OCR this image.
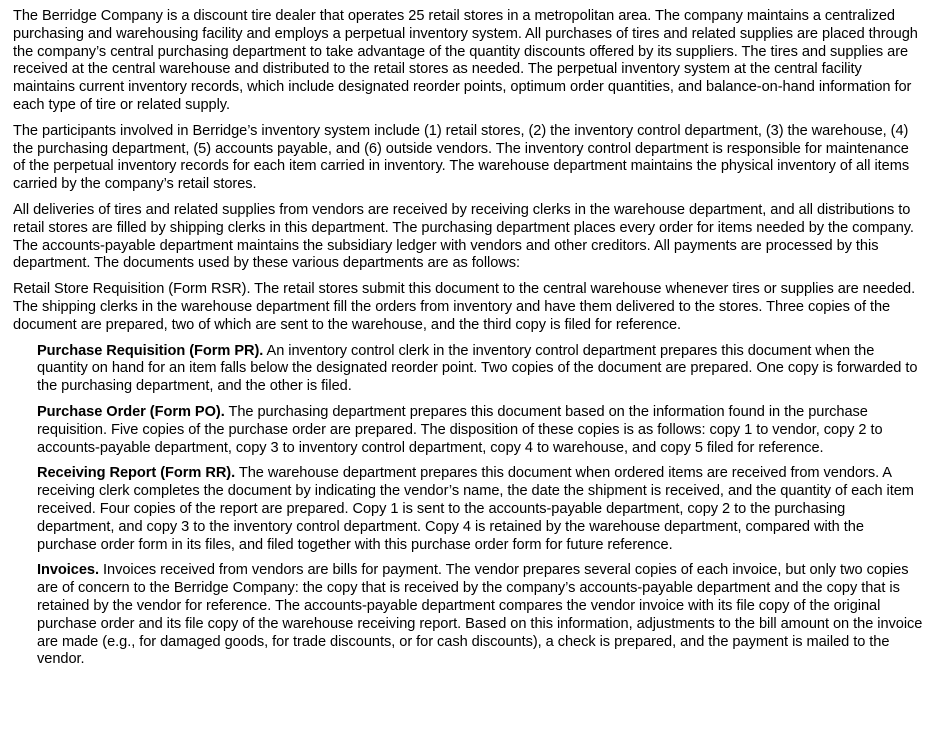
The Berridge Company is a discount tire dealer that operates 25 retail stores in a metropolitan area. The company maintains a centralized purchasing and warehousing facility and employs a perpetual inventory system. All purchases of tires and related supplies are placed through the company’s central purchasing department to take advantage of the quantity discounts offered by its suppliers. The tires and supplies are received at the central warehouse and distributed to the retail stores as needed. The perpetual inventory system at the central facility maintains current inventory records, which include designated reorder points, optimum order quantities, and balance-on-hand information for each type of tire or related supply.

The participants involved in Berridge’s inventory system include (1) retail stores, (2) the inventory control department, (3) the warehouse, (4) the purchasing department, (5) accounts payable, and (6) outside vendors. The inventory control department is responsible for maintenance of the perpetual inventory records for each item carried in inventory. The warehouse department maintains the physical inventory of all items carried by the company’s retail stores.

All deliveries of tires and related supplies from vendors are received by receiving clerks in the warehouse department, and all distributions to retail stores are filled by shipping clerks in this department. The purchasing department places every order for items needed by the company. The accounts-payable department maintains the subsidiary ledger with vendors and other creditors. All payments are processed by this department. The documents used by these various departments are as follows:

Retail Store Requisition (Form RSR). The retail stores submit this document to the central warehouse whenever tires or supplies are needed. The shipping clerks in the warehouse department fill the orders from inventory and have them delivered to the stores. Three copies of the document are prepared, two of which are sent to the warehouse, and the third copy is filed for reference.

Purchase Requisition (Form PR). An inventory control clerk in the inventory control department prepares this document when the quantity on hand for an item falls below the designated reorder point. Two copies of the document are prepared. One copy is forwarded to the purchasing department, and the other is filed.

Purchase Order (Form PO). The purchasing department prepares this document based on the information found in the purchase requisition. Five copies of the purchase order are prepared. The disposition of these copies is as follows: copy 1 to vendor, copy 2 to accounts-payable department, copy 3 to inventory control department, copy 4 to warehouse, and copy 5 filed for reference.

Receiving Report (Form RR). The warehouse department prepares this document when ordered items are received from vendors. A receiving clerk completes the document by indicating the vendor’s name, the date the shipment is received, and the quantity of each item received. Four copies of the report are prepared. Copy 1 is sent to the accounts-payable department, copy 2 to the purchasing department, and copy 3 to the inventory control department. Copy 4 is retained by the warehouse department, compared with the purchase order form in its files, and filed together with this purchase order form for future reference.

Invoices. Invoices received from vendors are bills for payment. The vendor prepares several copies of each invoice, but only two copies are of concern to the Berridge Company: the copy that is received by the company’s accounts-payable department and the copy that is retained by the vendor for reference. The accounts-payable department compares the vendor invoice with its file copy of the original purchase order and its file copy of the warehouse receiving report. Based on this information, adjustments to the bill amount on the invoice are made (e.g., for damaged goods, for trade discounts, or for cash discounts), a check is prepared, and the payment is mailed to the vendor.
